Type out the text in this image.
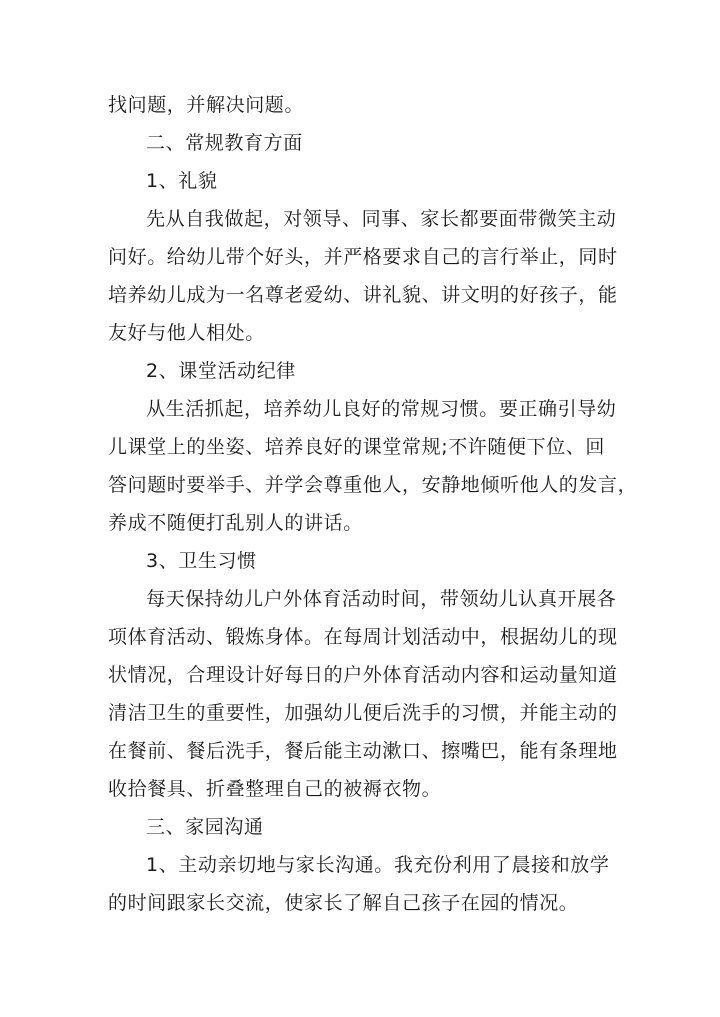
找问题，并解决问题。

二、常规教育方面

1、礼貌

先从自我做起，对领导、同事、家长都要面带微笑主动
问好。给幼儿带个好头，并严格要求自己的言行举止，同时
培养幼儿成为一名尊老爱幼、讲礼貌、讲文明的好孩子，能
友好与他人相处。

2、课堂活动纪律

从生活抓起，培养幼儿良好的常规习惯。要正确引导幼
儿课堂上的坐姿、培养良好的课堂常规;不许随便下位、回
答问题时要举手、并学会尊重他人，安静地倾听他人的发言，
养成不随便打乱别人的讲话。

3、卫生习惯

每天保持幼儿户外体育活动时间，带领幼儿认真开展各
项体育活动、锻炼身体。在每周计划活动中，根据幼儿的现
状情况，合理设计好每日的户外体育活动内容和运动量知道
清洁卫生的重要性，加强幼儿便后洗手的习惯，并能主动的
在餐前、餐后洗手，餐后能主动漱口、擦嘴巴，能有条理地
收拾餐具、折叠整理自己的被褥衣物。

三、家园沟通

1、主动亲切地与家长沟通。我充份利用了晨接和放学
的时间跟家长交流，使家长了解自己孩子在园的情况。
